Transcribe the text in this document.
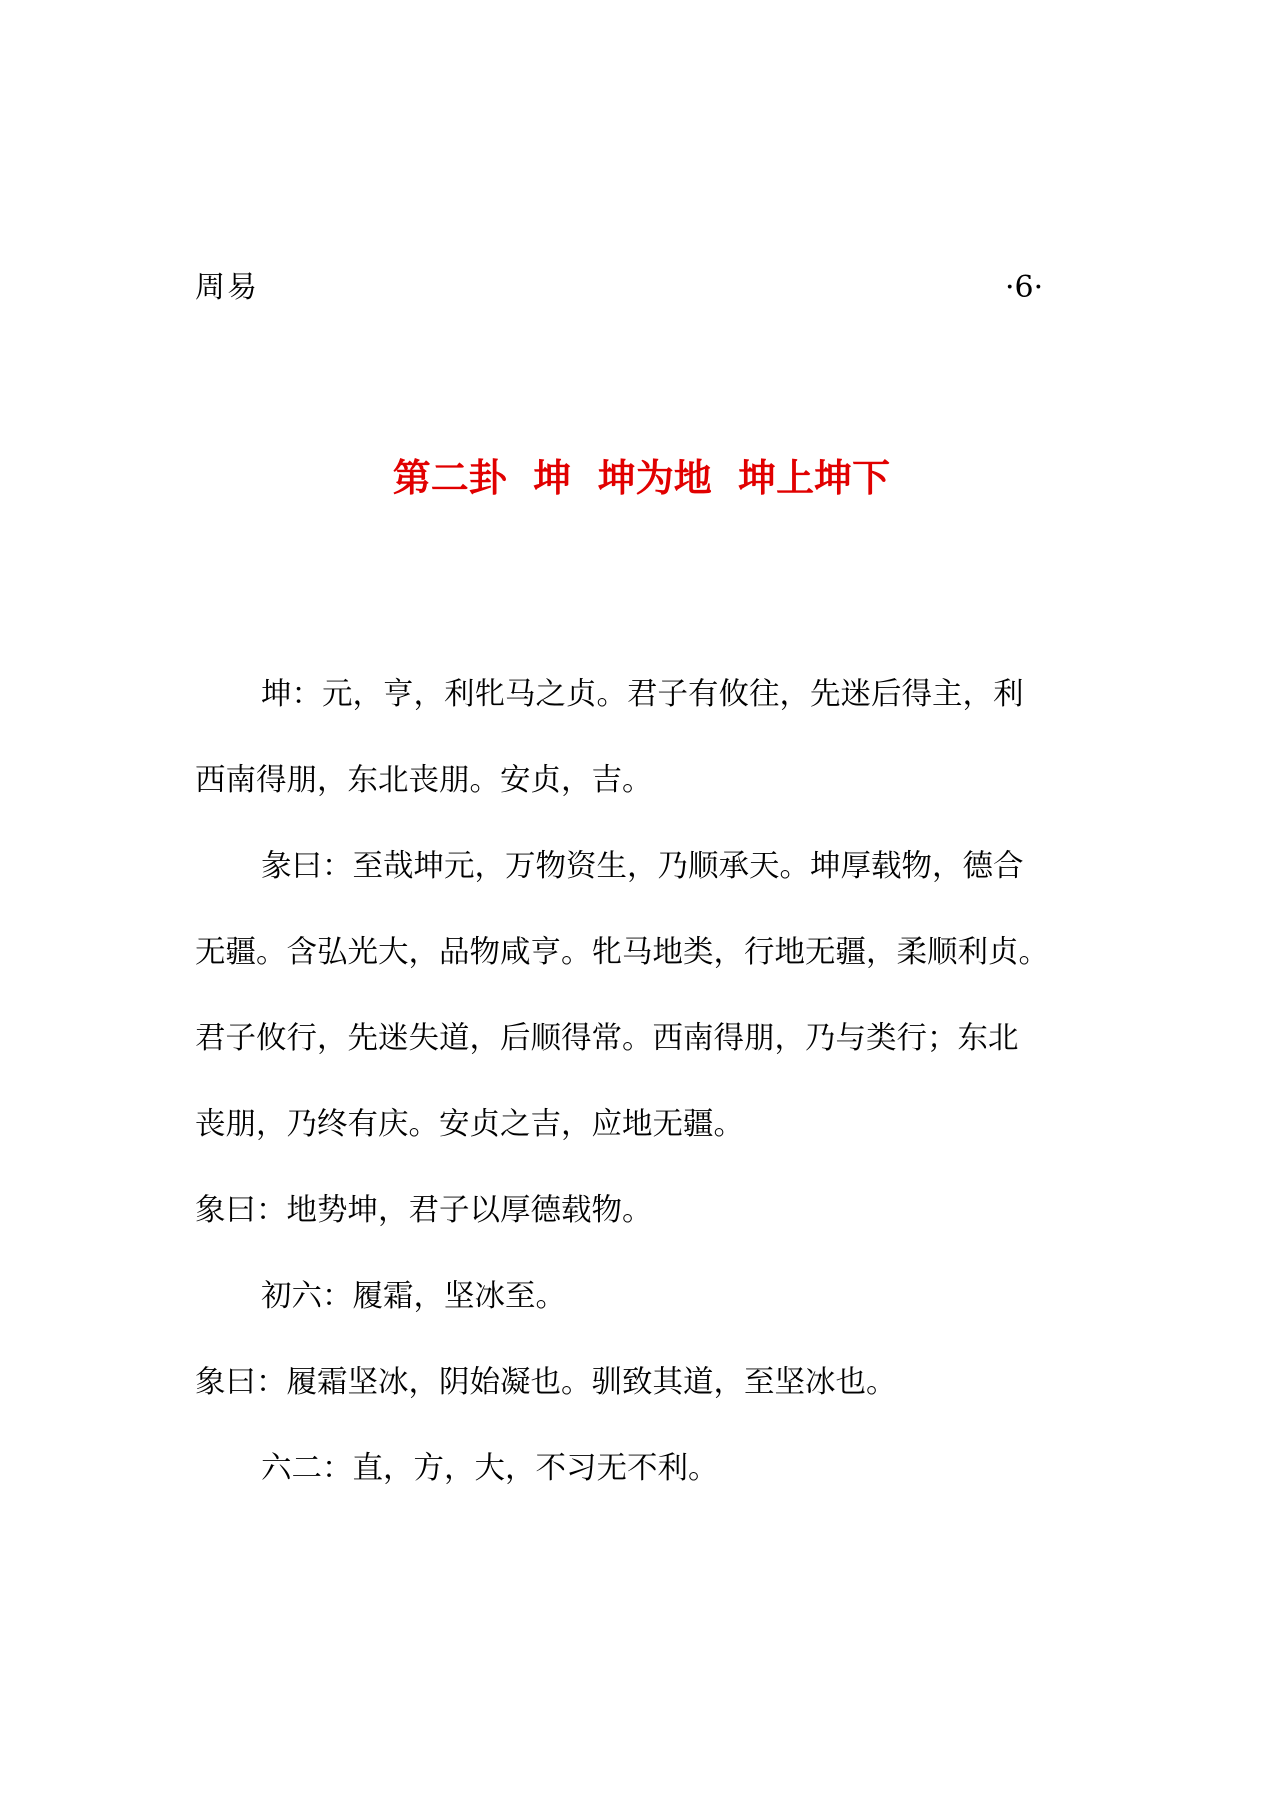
周易	·6·
第二卦  坤  坤为地  坤上坤下

坤：元，亨，利牝马之贞。君子有攸往，先迷后得主，利

西南得朋，东北丧朋。安贞，吉。

彖曰：至哉坤元，万物资生，乃顺承天。坤厚载物，德合

无疆。含弘光大，品物咸亨。牝马地类，行地无疆，柔顺利贞。

君子攸行，先迷失道，后顺得常。西南得朋，乃与类行；东北

丧朋，乃终有庆。安贞之吉，应地无疆。

象曰：地势坤，君子以厚德载物。

初六：履霜，坚冰至。

象曰：履霜坚冰，阴始凝也。驯致其道，至坚冰也。

六二：直，方，大，不习无不利。
